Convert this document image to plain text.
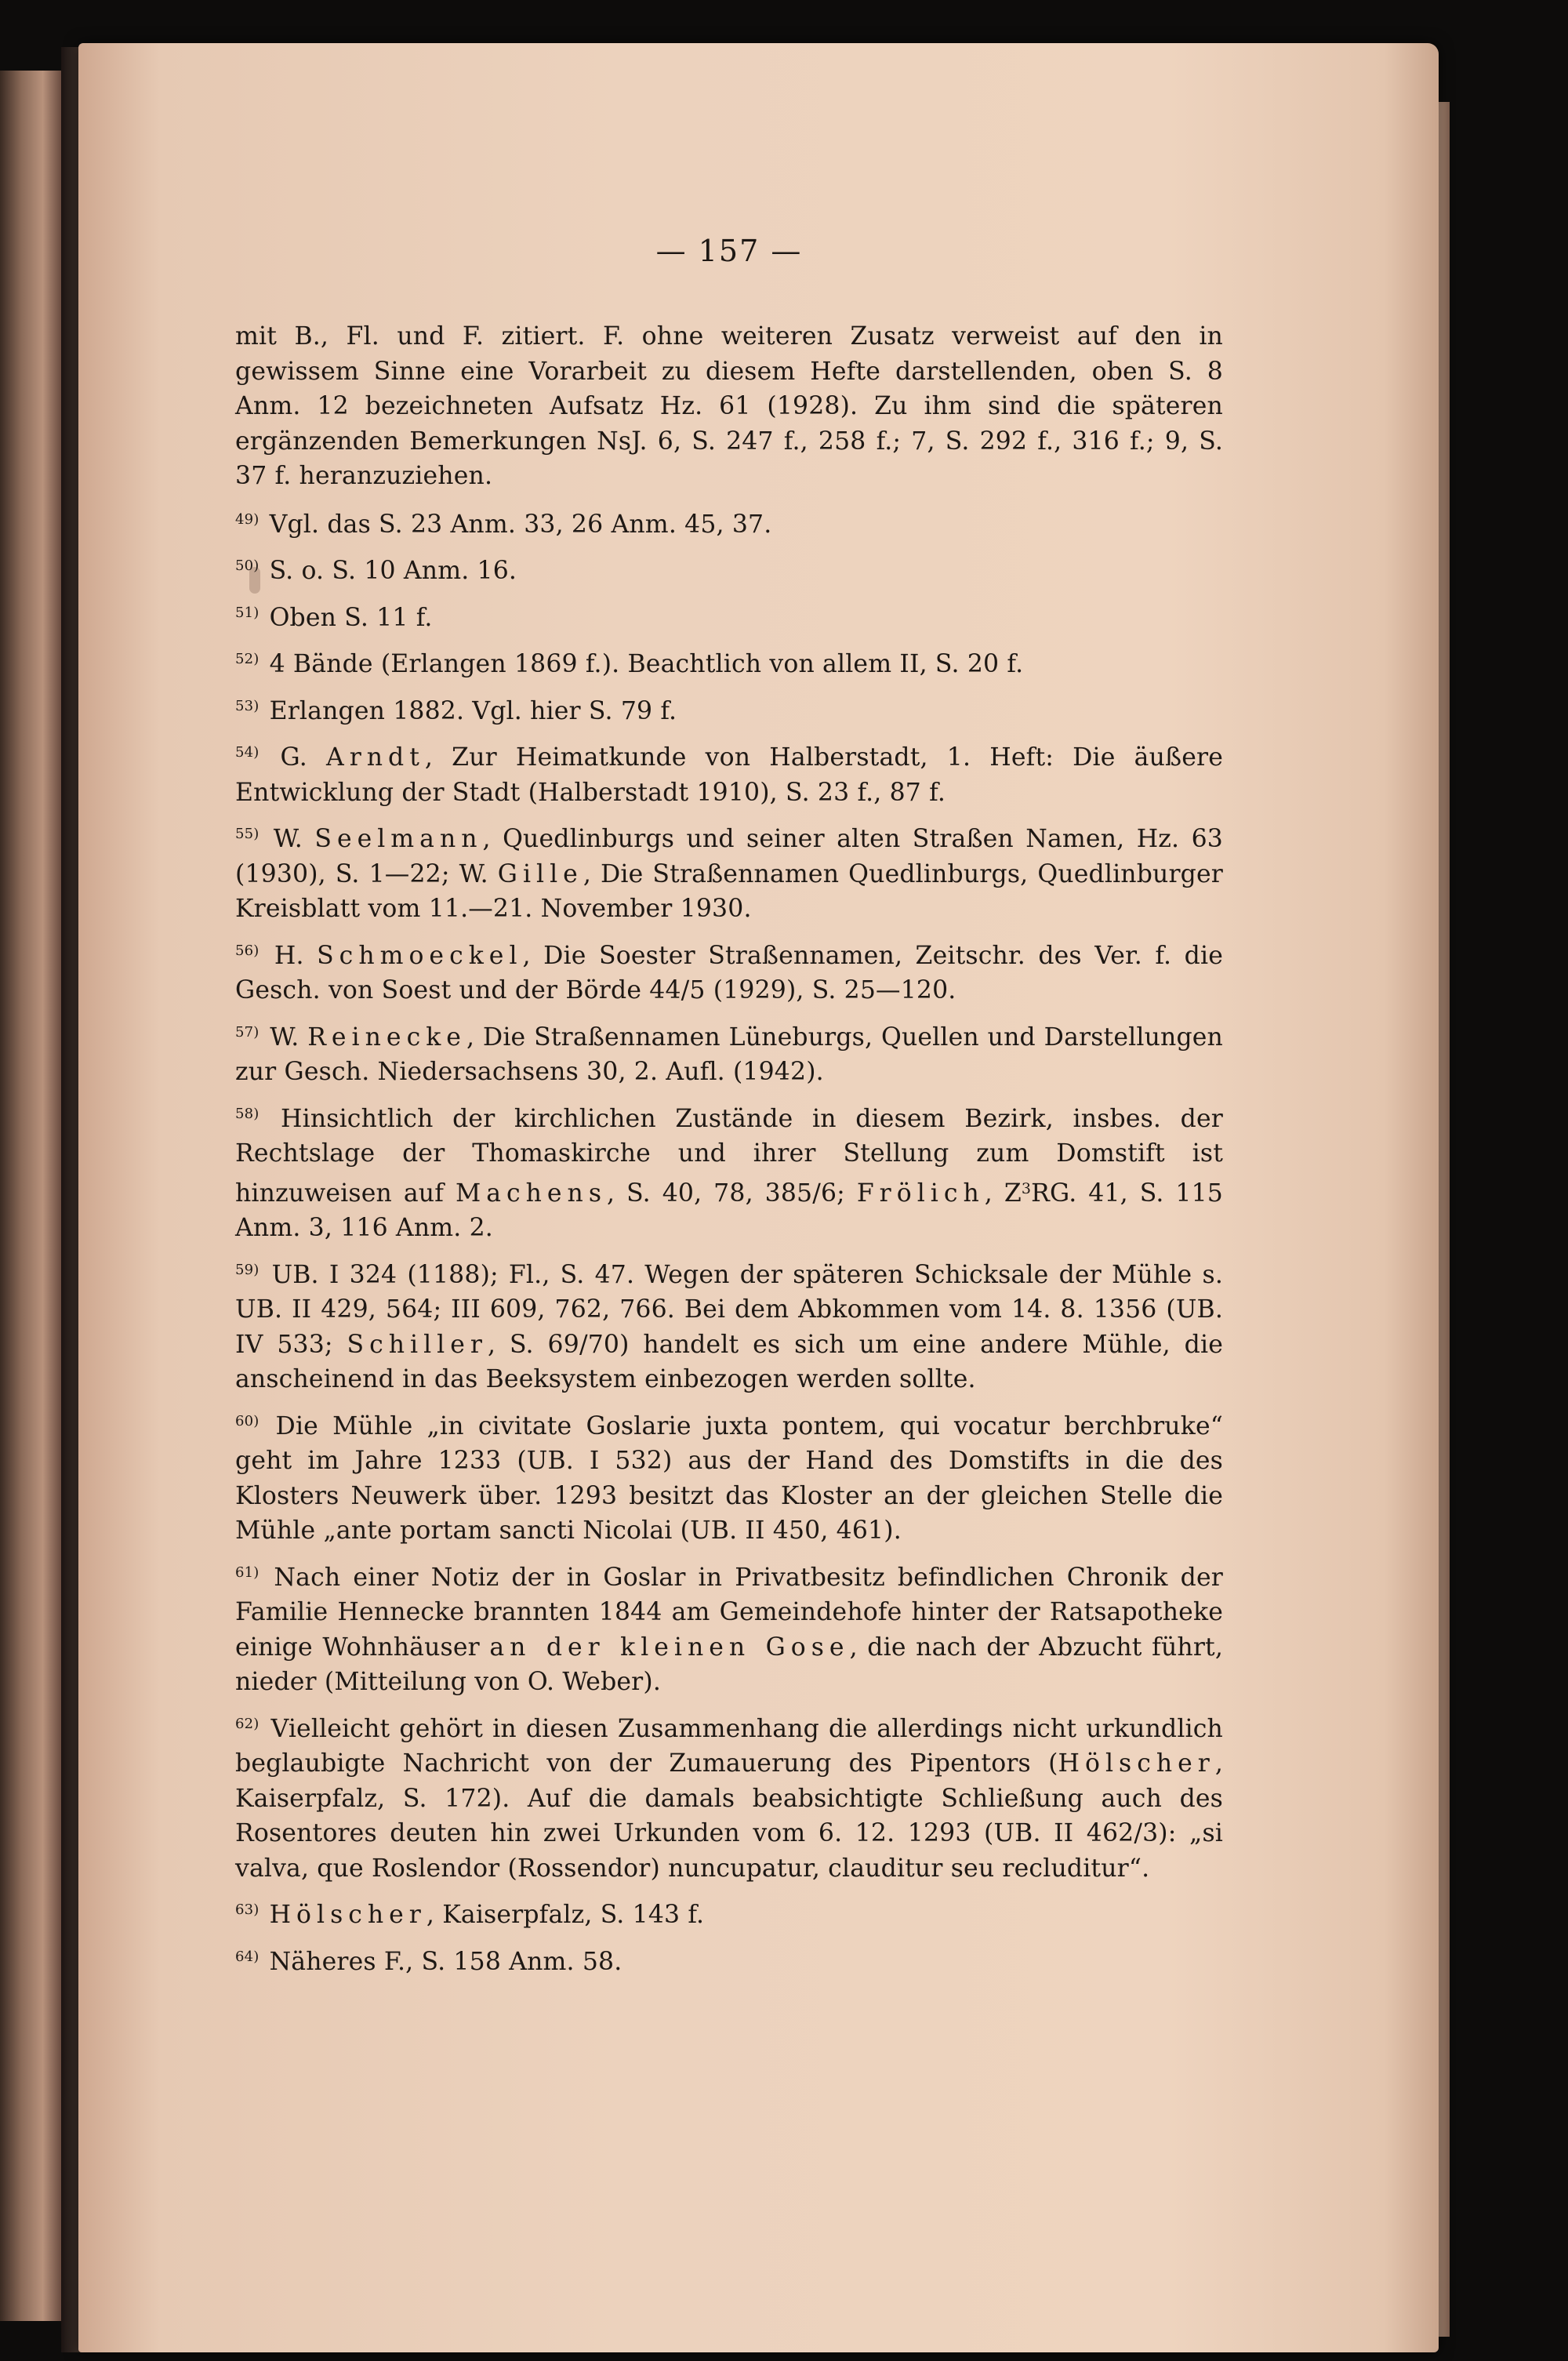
— 157 —

mit B., Fl. und F. zitiert. F. ohne weiteren Zusatz verweist auf den in gewissem Sinne eine Vorarbeit zu diesem Hefte darstellenden, oben S. 8 Anm. 12 bezeichneten Aufsatz Hz. 61 (1928). Zu ihm sind die späteren ergänzenden Bemerkungen NsJ. 6, S. 247 f., 258 f.; 7, S. 292 f., 316 f.; 9, S. 37 f. heranzuziehen.

$^{49)}$ Vgl. das S. 23 Anm. 33, 26 Anm. 45, 37.

$^{50)}$ S. o. S. 10 Anm. 16.

$^{51)}$ Oben S. 11 f.

$^{52)}$ 4 Bände (Erlangen 1869 f.). Beachtlich von allem II, S. 20 f.

$^{53)}$ Erlangen 1882. Vgl. hier S. 79 f.

$^{54)}$ G. Arndt, Zur Heimatkunde von Halberstadt, 1. Heft: Die äußere Entwicklung der Stadt (Halberstadt 1910), S. 23 f., 87 f.

$^{55)}$ W. Seelmann, Quedlinburgs und seiner alten Straßen Namen, Hz. 63 (1930), S. 1—22; W. Gille, Die Straßennamen Quedlinburgs, Quedlinburger Kreisblatt vom 11.—21. November 1930.

$^{56)}$ H. Schmoeckel, Die Soester Straßennamen, Zeitschr. des Ver. f. die Gesch. von Soest und der Börde 44/5 (1929), S. 25—120.

$^{57)}$ W. Reinecke, Die Straßennamen Lüneburgs, Quellen und Darstellungen zur Gesch. Niedersachsens 30, 2. Aufl. (1942).

$^{58)}$ Hinsichtlich der kirchlichen Zustände in diesem Bezirk, insbes. der Rechtslage der Thomaskirche und ihrer Stellung zum Domstift ist hinzuweisen auf Machens, S. 40, 78, 385/6; Frölich, $Z^3RG$. 41, S. 115 Anm. 3, 116 Anm. 2.

$^{59)}$ UB. I 324 (1188); Fl., S. 47. Wegen der späteren Schicksale der Mühle s. UB. II 429, 564; III 609, 762, 766. Bei dem Abkommen vom 14. 8. 1356 (UB. IV 533; Schiller, S. 69/70) handelt es sich um eine andere Mühle, die anscheinend in das Beeksystem einbezogen werden sollte.

$^{60)}$ Die Mühle „in civitate Goslarie juxta pontem, qui vocatur berchbruke“ geht im Jahre 1233 (UB. I 532) aus der Hand des Domstifts in die des Klosters Neuwerk über. 1293 besitzt das Kloster an der gleichen Stelle die Mühle „ante portam sancti Nicolai (UB. II 450, 461).

$^{61)}$ Nach einer Notiz der in Goslar in Privatbesitz befindlichen Chronik der Familie Hennecke brannten 1844 am Gemeindehofe hinter der Ratsapotheke einige Wohnhäuser an der kleinen Gose, die nach der Abzucht führt, nieder (Mitteilung von O. Weber).

$^{62)}$ Vielleicht gehört in diesen Zusammenhang die allerdings nicht urkundlich beglaubigte Nachricht von der Zumauerung des Pipentors (Hölscher, Kaiserpfalz, S. 172). Auf die damals beabsichtigte Schließung auch des Rosentores deuten hin zwei Urkunden vom 6. 12. 1293 (UB. II 462/3): „si valva, que Roslendor (Rossendor) nuncupatur, clauditur seu recluditur“.

$^{63)}$ Hölscher, Kaiserpfalz, S. 143 f.

$^{64)}$ Näheres F., S. 158 Anm. 58.
